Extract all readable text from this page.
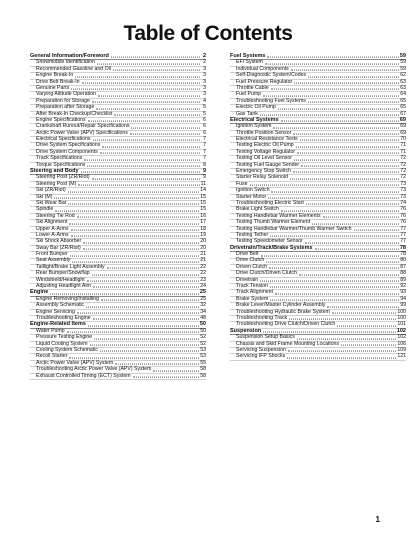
Table of Contents
General Information/Foreword	2
Snowmobile Identification	2
Recommended Gasoline and Oil	3
Engine Break-In	3
Drive Belt Break-In	3
Genuine Parts	3
Varying Altitude Operation	3
Preparation for Storage	4
Preparation after Storage	5
After Break-In Checkup/Checklist	5
Engine Specifications	6
Crankshaft Runout/Repair Specifications	6
Arctic Power Valve (APV) Specifications	6
Electrical Specifications	7
Drive System Specifications	7
Drive System Components	7
Track Specifications	7
Torque Specifications	8
Steering and Body	9
Steering Post (ZR/Riot)	9
Steering Post (M)	11
Ski (ZR/Riot)	14
Ski (M)	15
Ski Wear Bar	15
Spindle	15
Steering Tie Rod	16
Ski Alignment	17
Upper A-Arms	18
Lower A-Arms	19
Ski Shock Absorber	20
Sway Bar (ZR/Riot)	20
Front Bumper	21
Seat Assembly	21
Taillight/Brake Light Assembly	22
Rear Bumper/Snowflap	22
Windshield/Headlight	23
Adjusting Headlight Aim	24
Engine	25
Engine Removing/Installing	25
Assembly Schematic	32
Engine Servicing	34
Troubleshooting Engine	48
Engine-Related Items	50
Water Pump	50
Pressure Testing Engine	52
Liquid Cooling System	52
Cooling System Schematic	53
Recoil Starter	53
Arctic Power Valve (APV) System	55
Troubleshooting Arctic Power Valve (APV) System	58
Exhaust Controlled Timing (ECT) System	58
Fuel Systems	59
EFI System	59
Individual Components	59
Self-Diagnostic System/Codes	62
Fuel Pressure Regulator	63
Throttle Cable	63
Fuel Pump	64
Troubleshooting Fuel Systems	65
Electric Oil Pump	65
Gas Tank	67
Electrical Systems	69
Ignition System	69
Throttle Position Sensor	69
Electrical Resistance Tests	70
Testing Electric Oil Pump	71
Testing Voltage Regulator	71
Testing Oil Level Sensor	72
Testing Fuel Gauge Sender	72
Emergency Stop Switch	72
Starter Relay Solenoid	72
Fuse	73
Ignition Switch	73
Starter Motor	73
Troubleshooting Electric Start	74
Brake Light Switch	76
Testing Handlebar Warmer Elements	76
Testing Thumb Warmer Element	76
Testing Handlebar Warmer/Thumb Warmer Switch	77
Testing Tether	77
Testing Speedometer Sensor	77
Drivetrain/Track/Brake Systems	78
Drive Belt	78
Drive Clutch	80
Driven Clutch	87
Drive Clutch/Driven Clutch	88
Drivetrain	89
Track Tension	92
Track Alignment	93
Brake System	94
Brake Lever/Master Cylinder Assembly	99
Troubleshooting Hydraulic Brake System	100
Troubleshooting Track	100
Troubleshooting Drive Clutch/Driven Clutch	101
Suspension	102
Suspension Setup Basics	102
Chassis and Skid Frame Mounting Locations	106
Servicing Suspension	109
Servicing IFP Shocks	121
1
